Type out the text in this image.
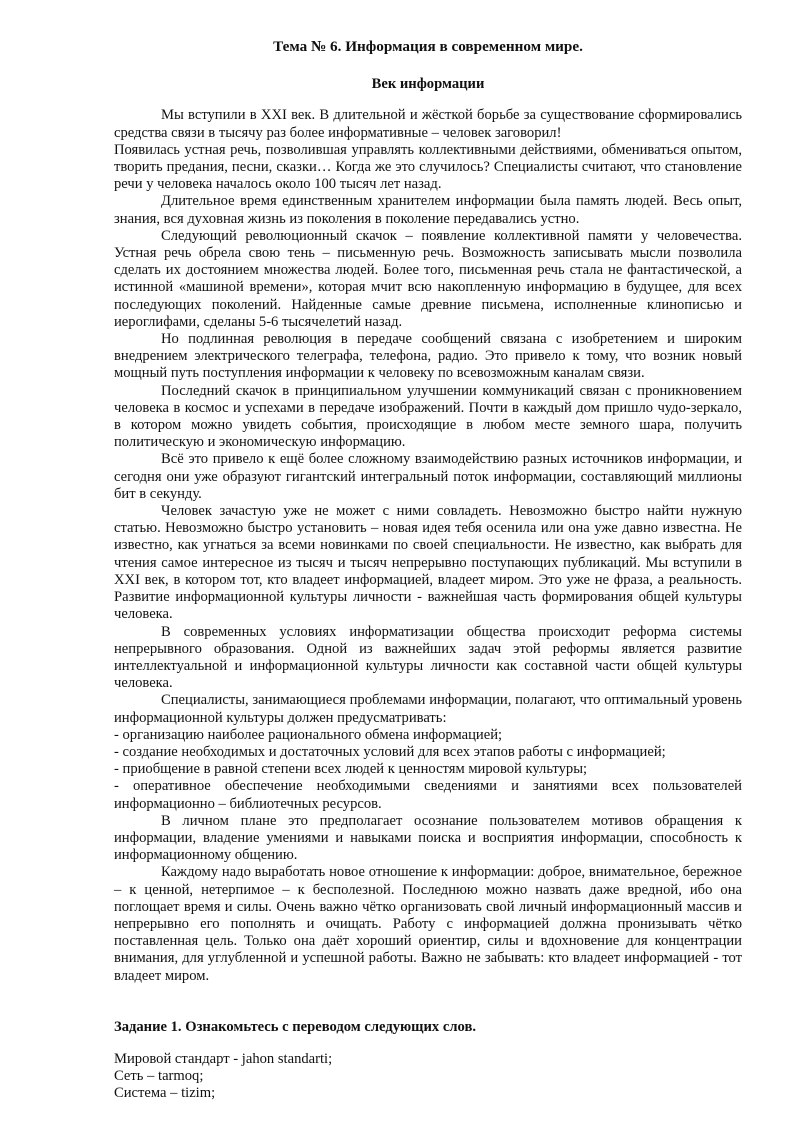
Тема № 6. Информация в современном мире.
Век информации

Мы вступили в XXI век. В длительной и жёсткой борьбе за существование сформировались средства связи в тысячу раз более информативные – человек заговорил!

Появилась устная речь, позволившая управлять коллективными действиями, обмениваться опытом, творить предания, песни, сказки… Когда же это случилось? Специалисты считают, что становление речи у человека началось около 100 тысяч лет назад.

Длительное время единственным хранителем информации была память людей. Весь опыт, знания, вся духовная жизнь из поколения в поколение передавались устно.

Следующий революционный скачок – появление коллективной памяти у человечества. Устная речь обрела свою тень – письменную речь. Возможность записывать мысли позволила сделать их достоянием множества людей. Более того, письменная речь стала не фантастической, а истинной «машиной времени», которая мчит всю накопленную информацию в будущее, для всех последующих поколений. Найденные самые древние письмена, исполненные клинописью и иероглифами, сделаны 5-6 тысячелетий назад.

Но подлинная революция в передаче сообщений связана с изобретением и широким внедрением электрического телеграфа, телефона, радио. Это привело к тому, что возник новый мощный путь поступления информации к человеку по всевозможным каналам связи.

Последний скачок в принципиальном улучшении коммуникаций связан с проникновением человека в космос и успехами в передаче изображений. Почти в каждый дом пришло чудо-зеркало, в котором можно увидеть события, происходящие в любом месте земного шара, получить политическую и экономическую информацию.

Всё это привело к ещё более сложному взаимодействию разных источников информации, и сегодня они уже образуют гигантский интегральный поток информации, составляющий миллионы бит в секунду.

Человек зачастую уже не может с ними совладеть. Невозможно быстро найти нужную статью. Невозможно быстро установить – новая идея тебя осенила или она уже давно известна. Не известно, как угнаться за всеми новинками по своей специальности. Не известно, как выбрать для чтения самое интересное из тысяч и тысяч непрерывно поступающих публикаций. Мы вступили в XXI век, в котором тот, кто владеет информацией, владеет миром. Это уже не фраза, а реальность. Развитие информационной культуры личности - важнейшая часть формирования общей культуры человека.

В современных условиях информатизации общества происходит реформа системы непрерывного образования. Одной из важнейших задач этой реформы является развитие интеллектуальной и информационной культуры личности как составной части общей культуры человека.

Специалисты, занимающиеся проблемами информации, полагают, что оптимальный уровень информационной культуры должен предусматривать:

- организацию наиболее рационального обмена информацией;

- создание необходимых и достаточных условий для всех этапов работы с информацией;

- приобщение в равной степени всех людей к ценностям мировой культуры;

- оперативное обеспечение необходимыми сведениями и занятиями всех пользователей информационно – библиотечных ресурсов.

В личном плане это предполагает осознание пользователем мотивов обращения к информации, владение умениями и навыками поиска и восприятия информации, способность к информационному общению.

Каждому надо выработать новое отношение к информации: доброе, внимательное, бережное – к ценной, нетерпимое – к бесполезной. Последнюю можно назвать даже вредной, ибо она поглощает время и силы. Очень важно чётко организовать свой личный информационный массив и непрерывно его пополнять и очищать. Работу с информацией должна пронизывать чётко поставленная цель. Только она даёт хороший ориентир, силы и вдохновение для концентрации внимания, для углубленной и успешной работы. Важно не забывать: кто владеет информацией - тот владеет миром.

Задание 1. Ознакомьтесь с переводом следующих слов.

Мировой стандарт - jahon standarti;

Сеть – tarmoq;

Система – tizim;
